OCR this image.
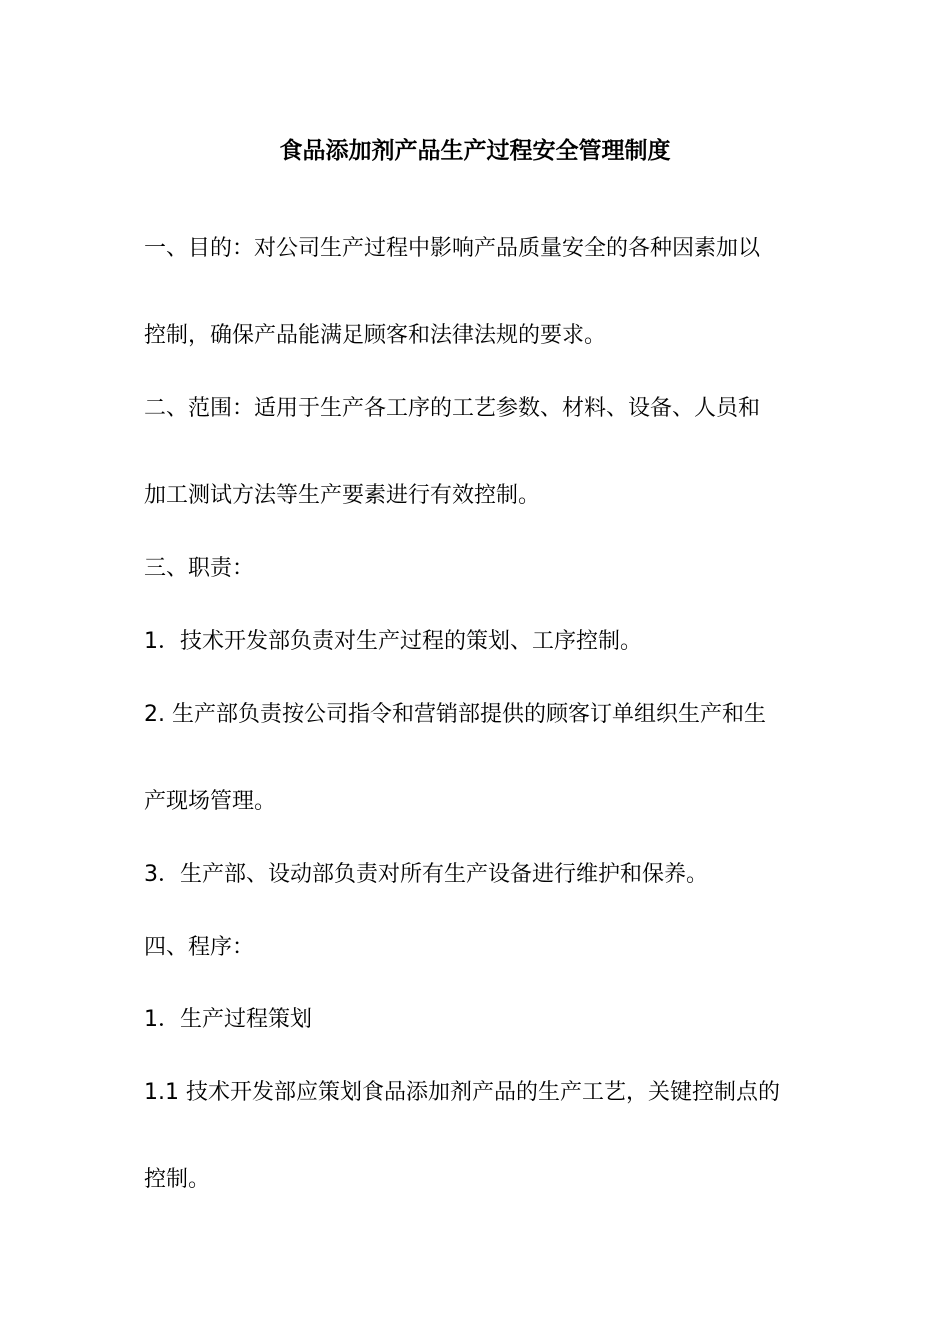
食品添加剂产品生产过程安全管理制度
一、目的：对公司生产过程中影响产品质量安全的各种因素加以
控制，确保产品能满足顾客和法律法规的要求。
二、范围：适用于生产各工序的工艺参数、材料、设备、人员和
加工测试方法等生产要素进行有效控制。
三、职责：
1．技术开发部负责对生产过程的策划、工序控制。
2. 生产部负责按公司指令和营销部提供的顾客订单组织生产和生
产现场管理。
3．生产部、设动部负责对所有生产设备进行维护和保养。
四、程序：
1．生产过程策划
1.1 技术开发部应策划食品添加剂产品的生产工艺，关键控制点的
控制。
